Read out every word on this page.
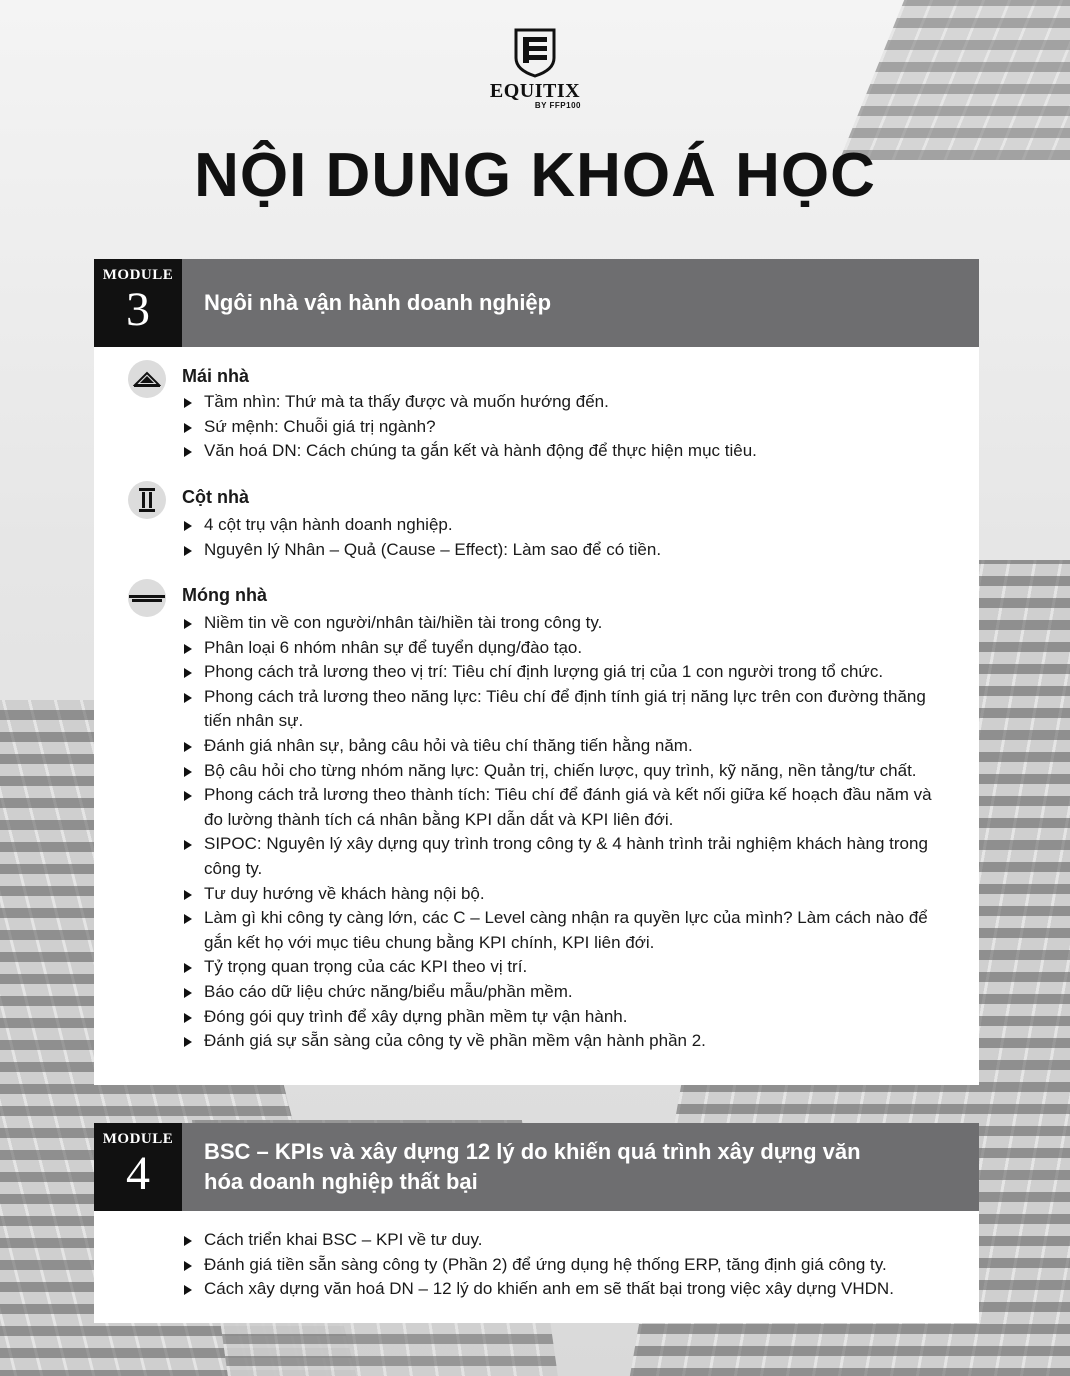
EQUITIX
BY FFP100
NỘI DUNG KHOÁ HỌC
MODULE
3	Ngôi nhà vận hành doanh nghiệp
Mái nhà
Tầm nhìn: Thứ mà ta thấy được và muốn hướng đến.
Sứ mệnh: Chuỗi giá trị ngành?
Văn hoá DN: Cách chúng ta gắn kết và hành động để thực hiện mục tiêu.
Cột nhà
4 cột trụ vận hành doanh nghiệp.
Nguyên lý Nhân – Quả (Cause – Effect): Làm sao để có tiền.
Móng nhà
Niềm tin về con người/nhân tài/hiền tài trong công ty.
Phân loại 6 nhóm nhân sự để tuyển dụng/đào tạo.
Phong cách trả lương theo vị trí: Tiêu chí định lượng giá trị của 1 con người trong tổ chức.
Phong cách trả lương theo năng lực: Tiêu chí để định tính giá trị năng lực trên con đường thăng tiến nhân sự.
Đánh giá nhân sự, bảng câu hỏi và tiêu chí thăng tiến hằng năm.
Bộ câu hỏi cho từng nhóm năng lực: Quản trị, chiến lược, quy trình, kỹ năng, nền tảng/tư chất.
Phong cách trả lương theo thành tích: Tiêu chí để đánh giá và kết nối giữa kế hoạch đầu năm và đo lường thành tích cá nhân bằng KPI dẫn dắt và KPI liên đới.
SIPOC: Nguyên lý xây dựng quy trình trong công ty & 4 hành trình trải nghiệm khách hàng trong công ty.
Tư duy hướng về khách hàng nội bộ.
Làm gì khi công ty càng lớn, các C – Level càng nhận ra quyền lực của mình? Làm cách nào để gắn kết họ với mục tiêu chung bằng KPI chính, KPI liên đới.
Tỷ trọng quan trọng của các KPI theo vị trí.
Báo cáo dữ liệu chức năng/biểu mẫu/phần mềm.
Đóng gói quy trình để xây dựng phần mềm tự vận hành.
Đánh giá sự sẵn sàng của công ty về phần mềm vận hành phần 2.
MODULE
4	BSC – KPIs và xây dựng 12 lý do khiến quá trình xây dựng văn hóa doanh nghiệp thất bại
Cách triển khai BSC – KPI về tư duy.
Đánh giá tiền sẵn sàng công ty (Phần 2) để ứng dụng hệ thống ERP, tăng định giá công ty.
Cách xây dựng văn hoá DN – 12 lý do khiến anh em sẽ thất bại trong việc xây dựng VHDN.
